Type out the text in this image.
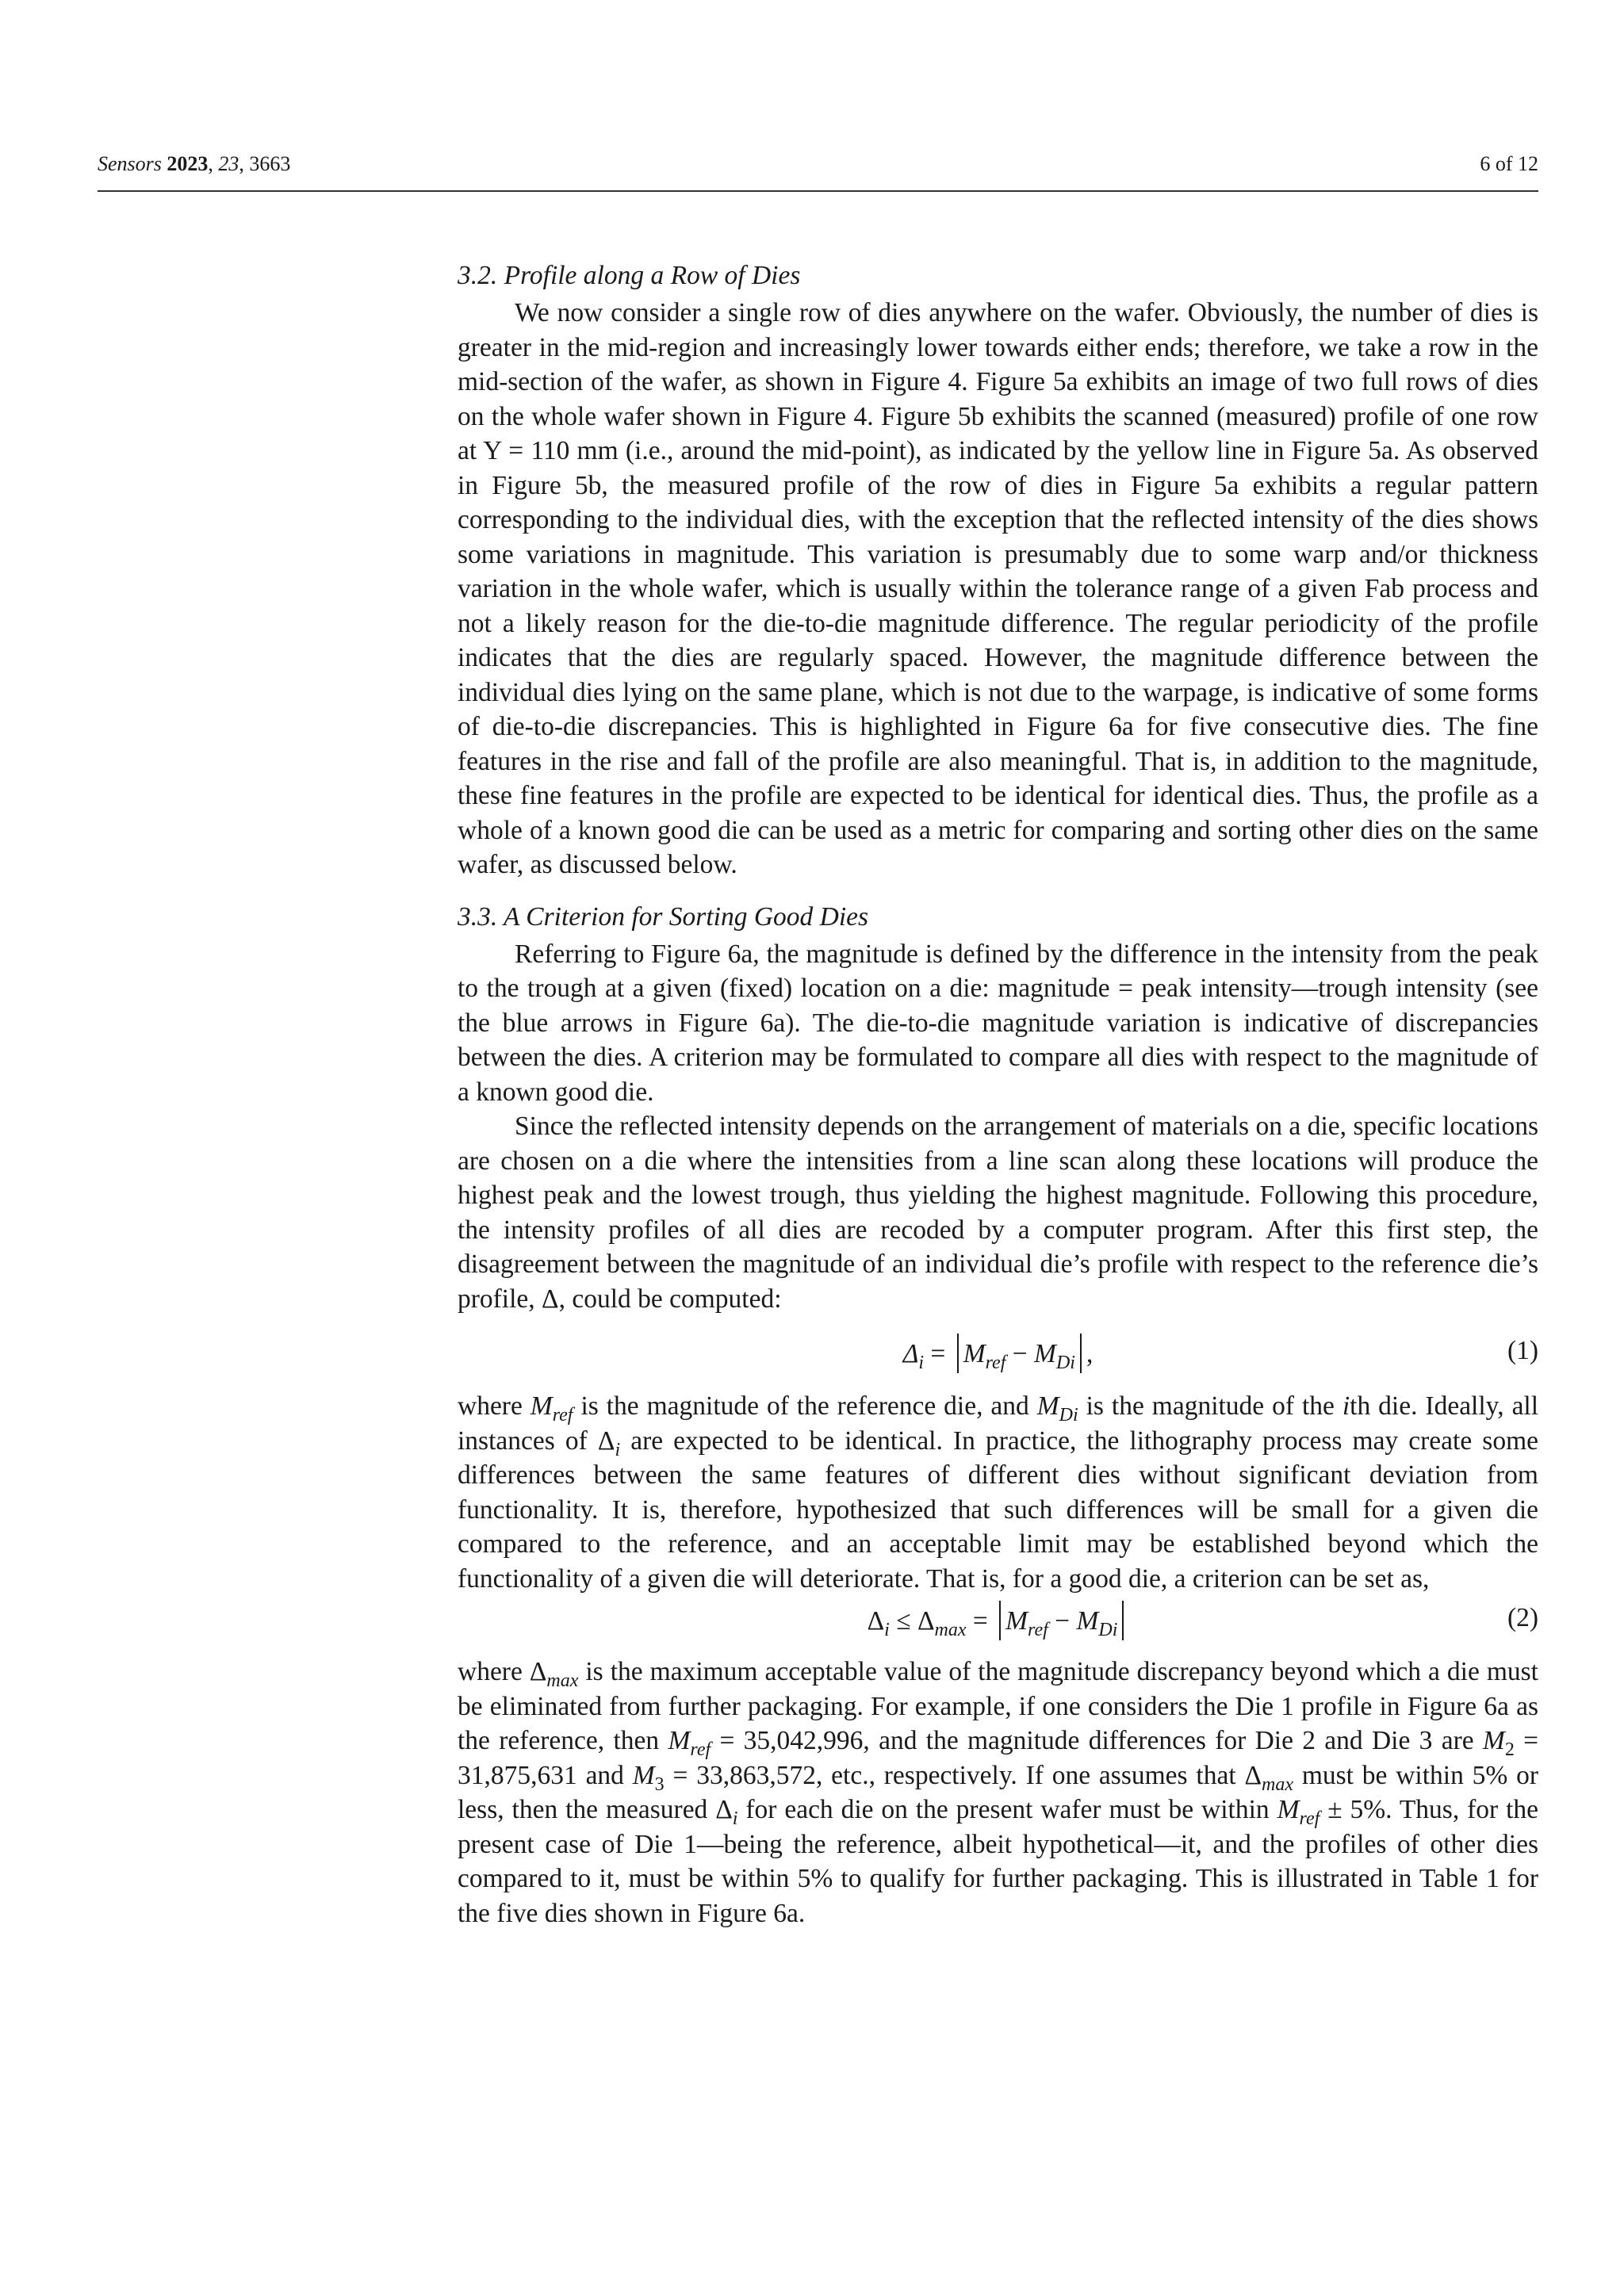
Sensors 2023, 23, 3663	6 of 12

3.2. Profile along a Row of Dies

We now consider a single row of dies anywhere on the wafer. Obviously, the number of dies is greater in the mid-region and increasingly lower towards either ends; therefore, we take a row in the mid-section of the wafer, as shown in Figure 4. Figure 5a exhibits an image of two full rows of dies on the whole wafer shown in Figure 4. Figure 5b exhibits the scanned (measured) profile of one row at Y = 110 mm (i.e., around the mid-point), as indicated by the yellow line in Figure 5a. As observed in Figure 5b, the measured profile of the row of dies in Figure 5a exhibits a regular pattern corresponding to the individual dies, with the exception that the reflected intensity of the dies shows some variations in magnitude. This variation is presumably due to some warp and/or thickness variation in the whole wafer, which is usually within the tolerance range of a given Fab process and not a likely reason for the die-to-die magnitude difference. The regular periodicity of the profile indicates that the dies are regularly spaced. However, the magnitude difference between the individual dies lying on the same plane, which is not due to the warpage, is indicative of some forms of die-to-die discrepancies. This is highlighted in Figure 6a for five consecutive dies. The fine features in the rise and fall of the profile are also meaningful. That is, in addition to the magnitude, these fine features in the profile are expected to be identical for identical dies. Thus, the profile as a whole of a known good die can be used as a metric for comparing and sorting other dies on the same wafer, as discussed below.

3.3. A Criterion for Sorting Good Dies

Referring to Figure 6a, the magnitude is defined by the difference in the intensity from the peak to the trough at a given (fixed) location on a die: magnitude = peak intensity—trough intensity (see the blue arrows in Figure 6a). The die-to-die magnitude variation is indicative of discrepancies between the dies. A criterion may be formulated to compare all dies with respect to the magnitude of a known good die.

Since the reflected intensity depends on the arrangement of materials on a die, specific locations are chosen on a die where the intensities from a line scan along these locations will produce the highest peak and the lowest trough, thus yielding the highest magnitude. Following this procedure, the intensity profiles of all dies are recoded by a computer program. After this first step, the disagreement between the magnitude of an individual die’s profile with respect to the reference die’s profile, Δ, could be computed:

$\Delta_i = M_{ref} - M_{Di}$ ,	(1)

where $M_{ref}$ is the magnitude of the reference die, and $M_{Di}$ is the magnitude of the ith die. Ideally, all instances of $\Delta_i$ are expected to be identical. In practice, the lithography process may create some differences between the same features of different dies without significant deviation from functionality. It is, therefore, hypothesized that such differences will be small for a given die compared to the reference, and an acceptable limit may be established beyond which the functionality of a given die will deteriorate. That is, for a good die, a criterion can be set as,

$\Delta_i \le \Delta_{max} = M_{ref} - M_{Di}$	(2)

where $\Delta_{max}$ is the maximum acceptable value of the magnitude discrepancy beyond which a die must be eliminated from further packaging. For example, if one considers the Die 1 profile in Figure 6a as the reference, then $M_{ref} = 35,042,996$, and the magnitude differences for Die 2 and Die 3 are $M_2 = 31,875,631$ and $M_3 = 33,863,572$, etc., respectively. If one assumes that $\Delta_{max}$ must be within 5% or less, then the measured $\Delta_i$ for each die on the present wafer must be within $M_{ref} \pm 5\%$. Thus, for the present case of Die 1—being the reference, albeit hypothetical—it, and the profiles of other dies compared to it, must be within 5% to qualify for further packaging. This is illustrated in Table 1 for the five dies shown in Figure 6a.
